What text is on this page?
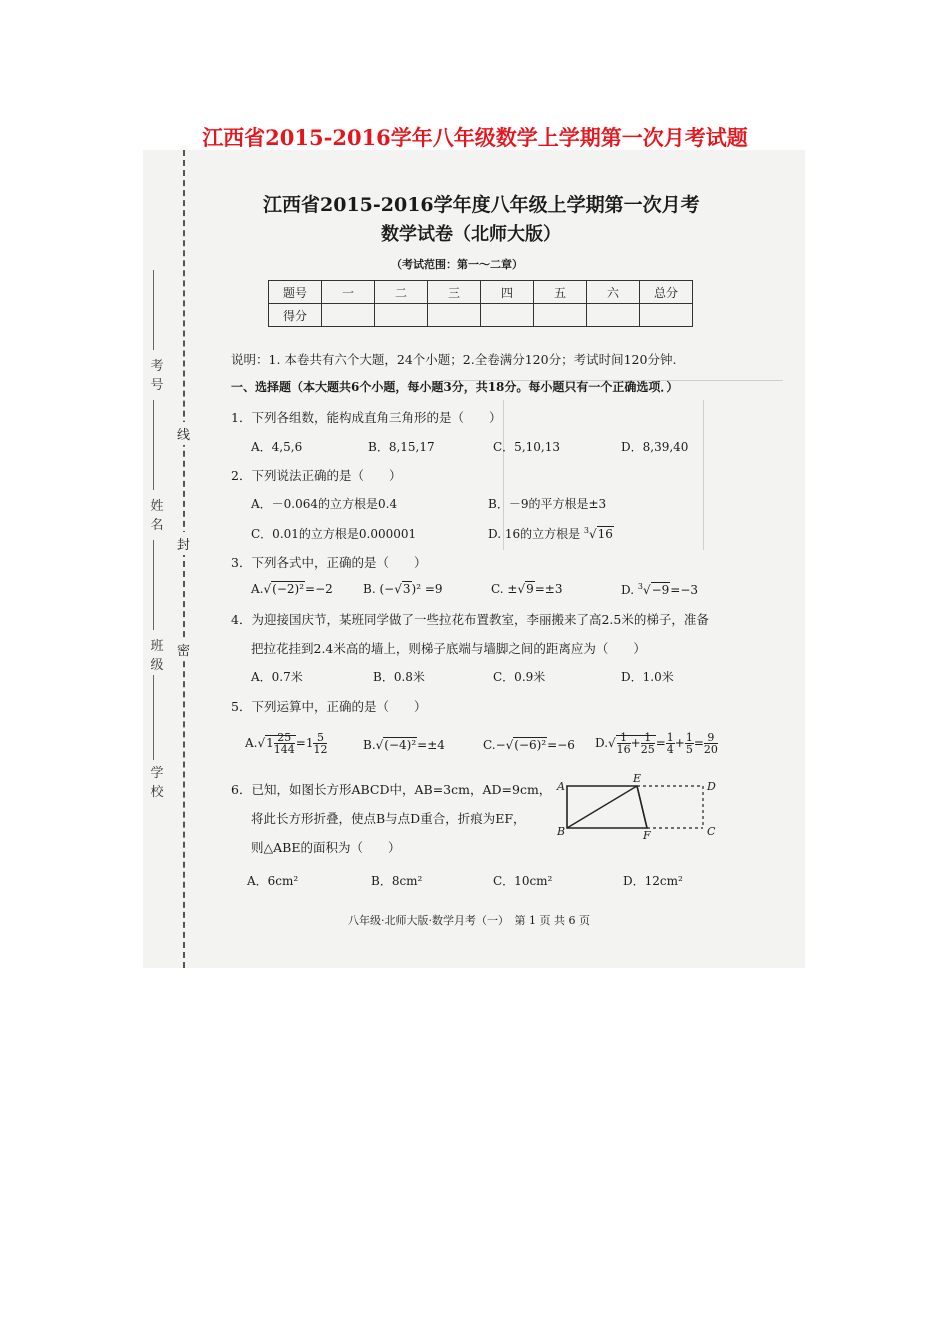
江西省2015-2016学年八年级数学上学期第一次月考试题
考号
姓名
班级
学校
线
封
密
江西省2015-2016学年度八年级上学期第一次月考
数学试卷（北师大版）
（考试范围：第一～二章）
题号	一	二	三	四	五	六	总分
得分							
说明：1. 本卷共有六个大题，24个小题；2.全卷满分120分；考试时间120分钟.
一、选择题（本大题共6个小题，每小题3分，共18分。每小题只有一个正确选项．）
1．下列各组数，能构成直角三角形的是（　　）
A．4,5,6	B．8,15,17	C．5,10,13	D．8,39,40
2．下列说法正确的是（　　）
A．－0.064的立方根是0.4	B．－9的平方根是±3
C．0.01的立方根是0.000001	D. 16的立方根是 $^3$√16
3．下列各式中，正确的是（　　）
A.√(−2)²=−2	B. (−√3)² =9	C. ±√9=±3	D. $^3$√−9=−3
4．为迎接国庆节，某班同学做了一些拉花布置教室，李丽搬来了高2.5米的梯子，准备
把拉花挂到2.4米高的墙上，则梯子底端与墙脚之间的距离应为（　　）
A．0.7米	B．0.8米	C．0.9米	D．1.0米
5．下列运算中，正确的是（　　）
$A.√1 \frac{25}{144} =1 \frac{5}{12}$	B.√(−4)²=±4	C.−√(−6)²=−6 $D.√ \frac{1}{16} + \frac{1}{25} = \frac{1}{4} + \frac{1}{5} = \frac{9}{20}$
6．已知，如图长方形ABCD中，AB=3cm，AD=9cm，
将此长方形折叠，使点B与点D重合，折痕为EF，
则△ABE的面积为（　　）
A
B	C
D
E
F
A．6cm²	B．8cm²	C．10cm²	D．12cm²
八年级·北师大版·数学月考（一）　第 1 页 共 6 页
